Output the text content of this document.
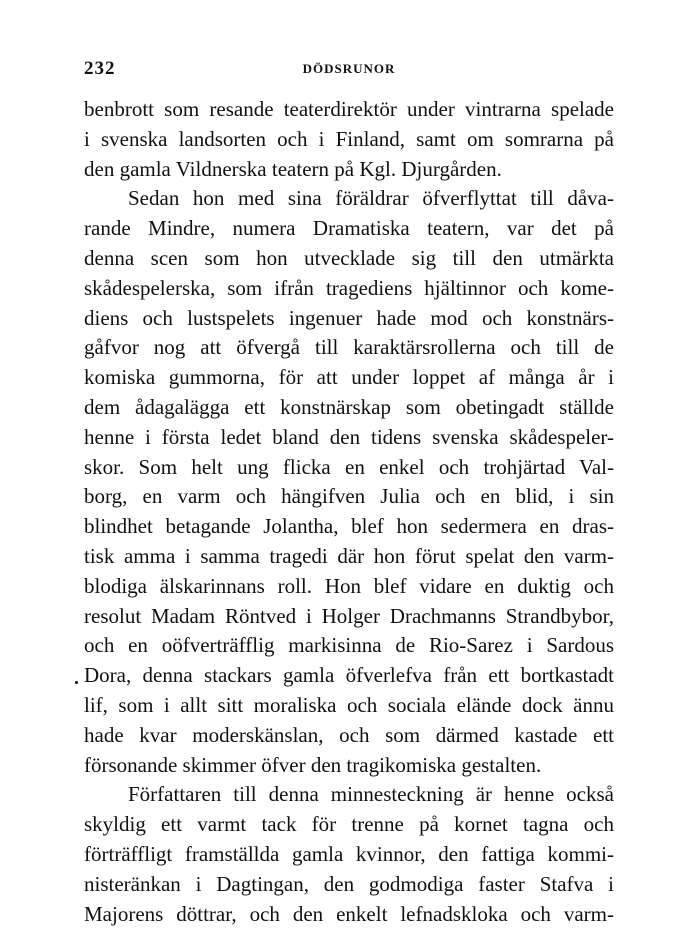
232	DÖDSRUNOR
benbrott som resande teaterdirektör under vintrarna spelade
i svenska landsorten och i Finland, samt om somrarna på
den gamla Vildnerska teatern på Kgl. Djurgården.
Sedan hon med sina föräldrar öfverflyttat till dåva-
rande Mindre, numera Dramatiska teatern, var det på
denna scen som hon utvecklade sig till den utmärkta
skådespelerska, som ifrån tragediens hjältinnor och kome-
diens och lustspelets ingenuer hade mod och konstnärs-
gåfvor nog att öfvergå till karaktärsrollerna och till de
komiska gummorna, för att under loppet af många år i
dem ådagalägga ett konstnärskap som obetingadt ställde
henne i första ledet bland den tidens svenska skådespeler-
skor. Som helt ung flicka en enkel och trohjärtad Val-
borg, en varm och hängifven Julia och en blid, i sin
blindhet betagande Jolantha, blef hon sedermera en dras-
tisk amma i samma tragedi där hon förut spelat den varm-
blodiga älskarinnans roll. Hon blef vidare en duktig och
resolut Madam Röntved i Holger Drachmanns Strandbybor,
och en oöfverträfflig markisinna de Rio-Sarez i Sardous
Dora, denna stackars gamla öfverlefva från ett bortkastadt
lif, som i allt sitt moraliska och sociala elände dock ännu
hade kvar moderskänslan, och som därmed kastade ett
försonande skimmer öfver den tragikomiska gestalten.
Författaren till denna minnesteckning är henne också
skyldig ett varmt tack för trenne på kornet tagna och
förträffligt framställda gamla kvinnor, den fattiga kommi-
nisteränkan i Dagtingan, den godmodiga faster Stafva i
Majorens döttrar, och den enkelt lefnadskloka och varm-
